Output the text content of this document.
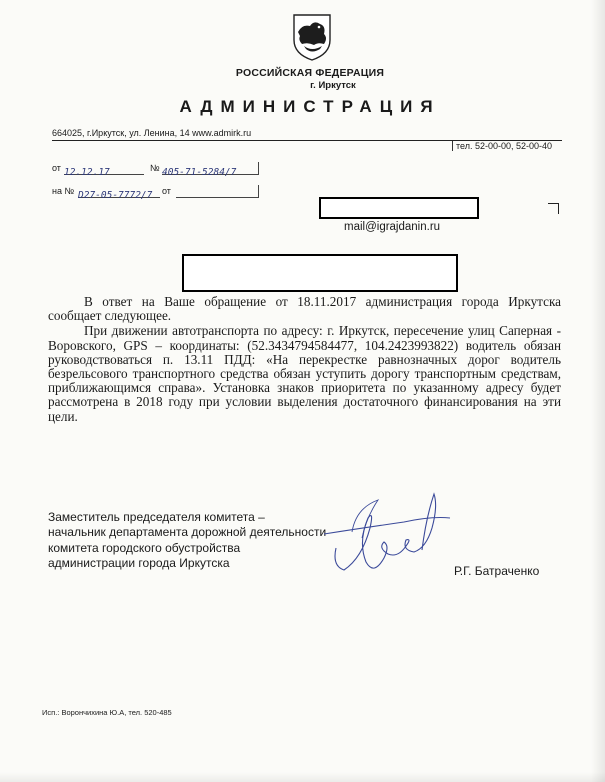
РОССИЙСКАЯ ФЕДЕРАЦИЯ
г. Иркутск
АДМИНИСТРАЦИЯ
664025, г.Иркутск, ул. Ленина, 14 www.admirk.ru
тел. 52-00-00, 52-00-40
от 12.12.17	№ 405-71-5284/7
на № D27-05-7772/7	от
mail@igrajdanin.ru

В ответ на Ваше обращение от 18.11.2017 администрация города Иркутска сообщает следующее.

При движении автотранспорта по адресу: г. Иркутск, пересечение улиц Саперная - Воровского, GPS – координаты: (52.3434794584477, 104.2423993822) водитель обязан руководствоваться п. 13.11 ПДД: «На перекрестке равнозначных дорог водитель безрельсового транспортного средства обязан уступить дорогу транспортным средствам, приближающимся справа». Установка знаков приоритета по указанному адресу будет рассмотрена в 2018 году при условии выделения достаточного финансирования на эти цели.

Заместитель председателя комитета –
начальник департамента дорожной деятельности
комитета городского обустройства
администрации города Иркутска
Р.Г. Батраченко
Исп.: Ворончихина Ю.А, тел. 520-485
